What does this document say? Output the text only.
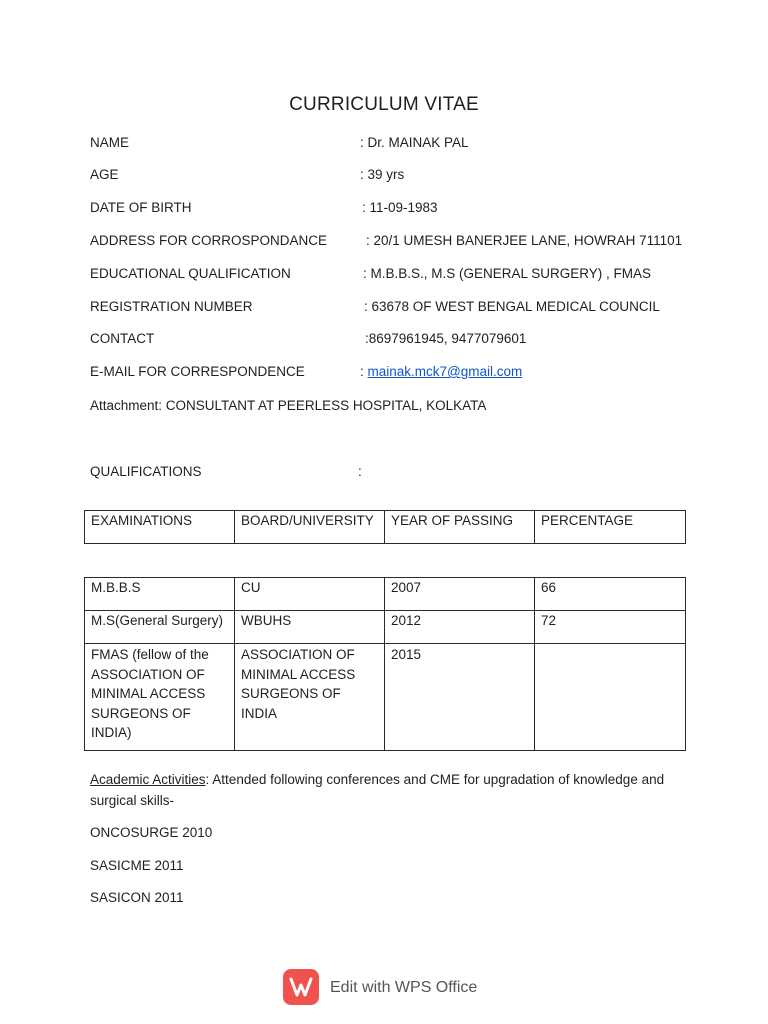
CURRICULUM VITAE
NAME	: Dr. MAINAK PAL
AGE	: 39 yrs
DATE OF BIRTH	: 11-09-1983
ADDRESS FOR CORROSPONDANCE	: 20/1 UMESH BANERJEE LANE, HOWRAH 711101
EDUCATIONAL QUALIFICATION	: M.B.B.S., M.S (GENERAL SURGERY) , FMAS
REGISTRATION NUMBER	: 63678 OF WEST BENGAL MEDICAL COUNCIL
CONTACT	:8697961945, 9477079601
E-MAIL FOR CORRESPONDENCE	: mainak.mck7@gmail.com
Attachment: CONSULTANT AT PEERLESS HOSPITAL, KOLKATA
QUALIFICATIONS	:
EXAMINATIONS	BOARD/UNIVERSITY	YEAR OF PASSING	PERCENTAGE
M.B.B.S	CU	2007	66
M.S(General Surgery)	WBUHS	2012	72
FMAS (fellow of the ASSOCIATION OF MINIMAL ACCESS SURGEONS OF INDIA)	ASSOCIATION OF MINIMAL ACCESS SURGEONS OF INDIA	2015	
Academic Activities: Attended following conferences and CME for upgradation of knowledge and surgical skills-
ONCOSURGE 2010
SASICME 2011
SASICON 2011
Edit with WPS Office
